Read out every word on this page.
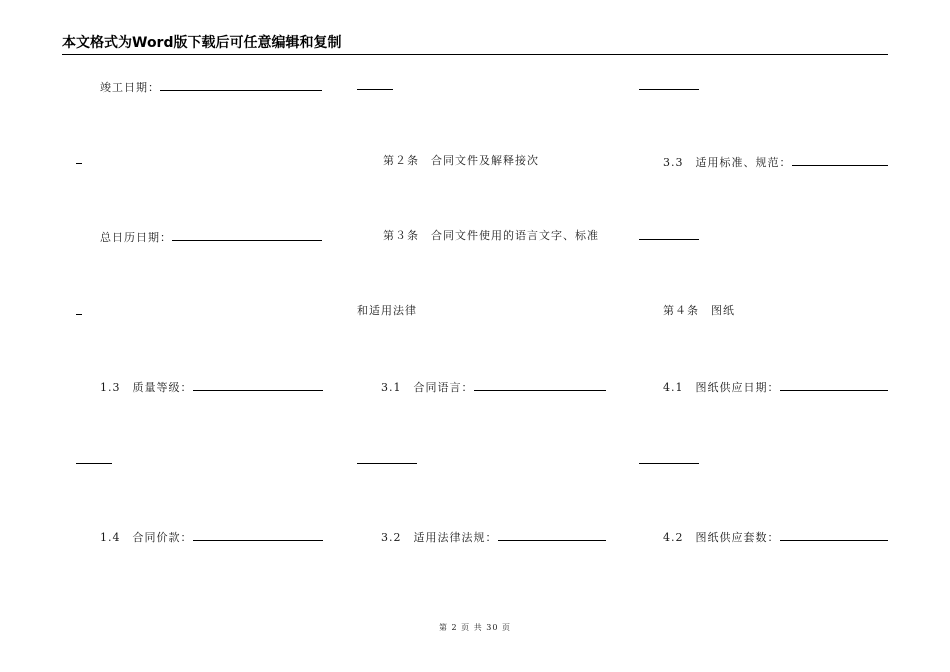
本文格式为Word版下载后可任意编辑和复制
竣工日期：
总日历日期：
1.3　质量等级：
1.4　合同价款：
第２条　合同文件及解释接次
第３条　合同文件使用的语言文字、标准
和适用法律
3.1　合同语言：
3.2　适用法律法规：
3.3　适用标准、规范：
第４条　图纸
4.1　图纸供应日期：
4.2　图纸供应套数：
第 2 页 共 30 页
